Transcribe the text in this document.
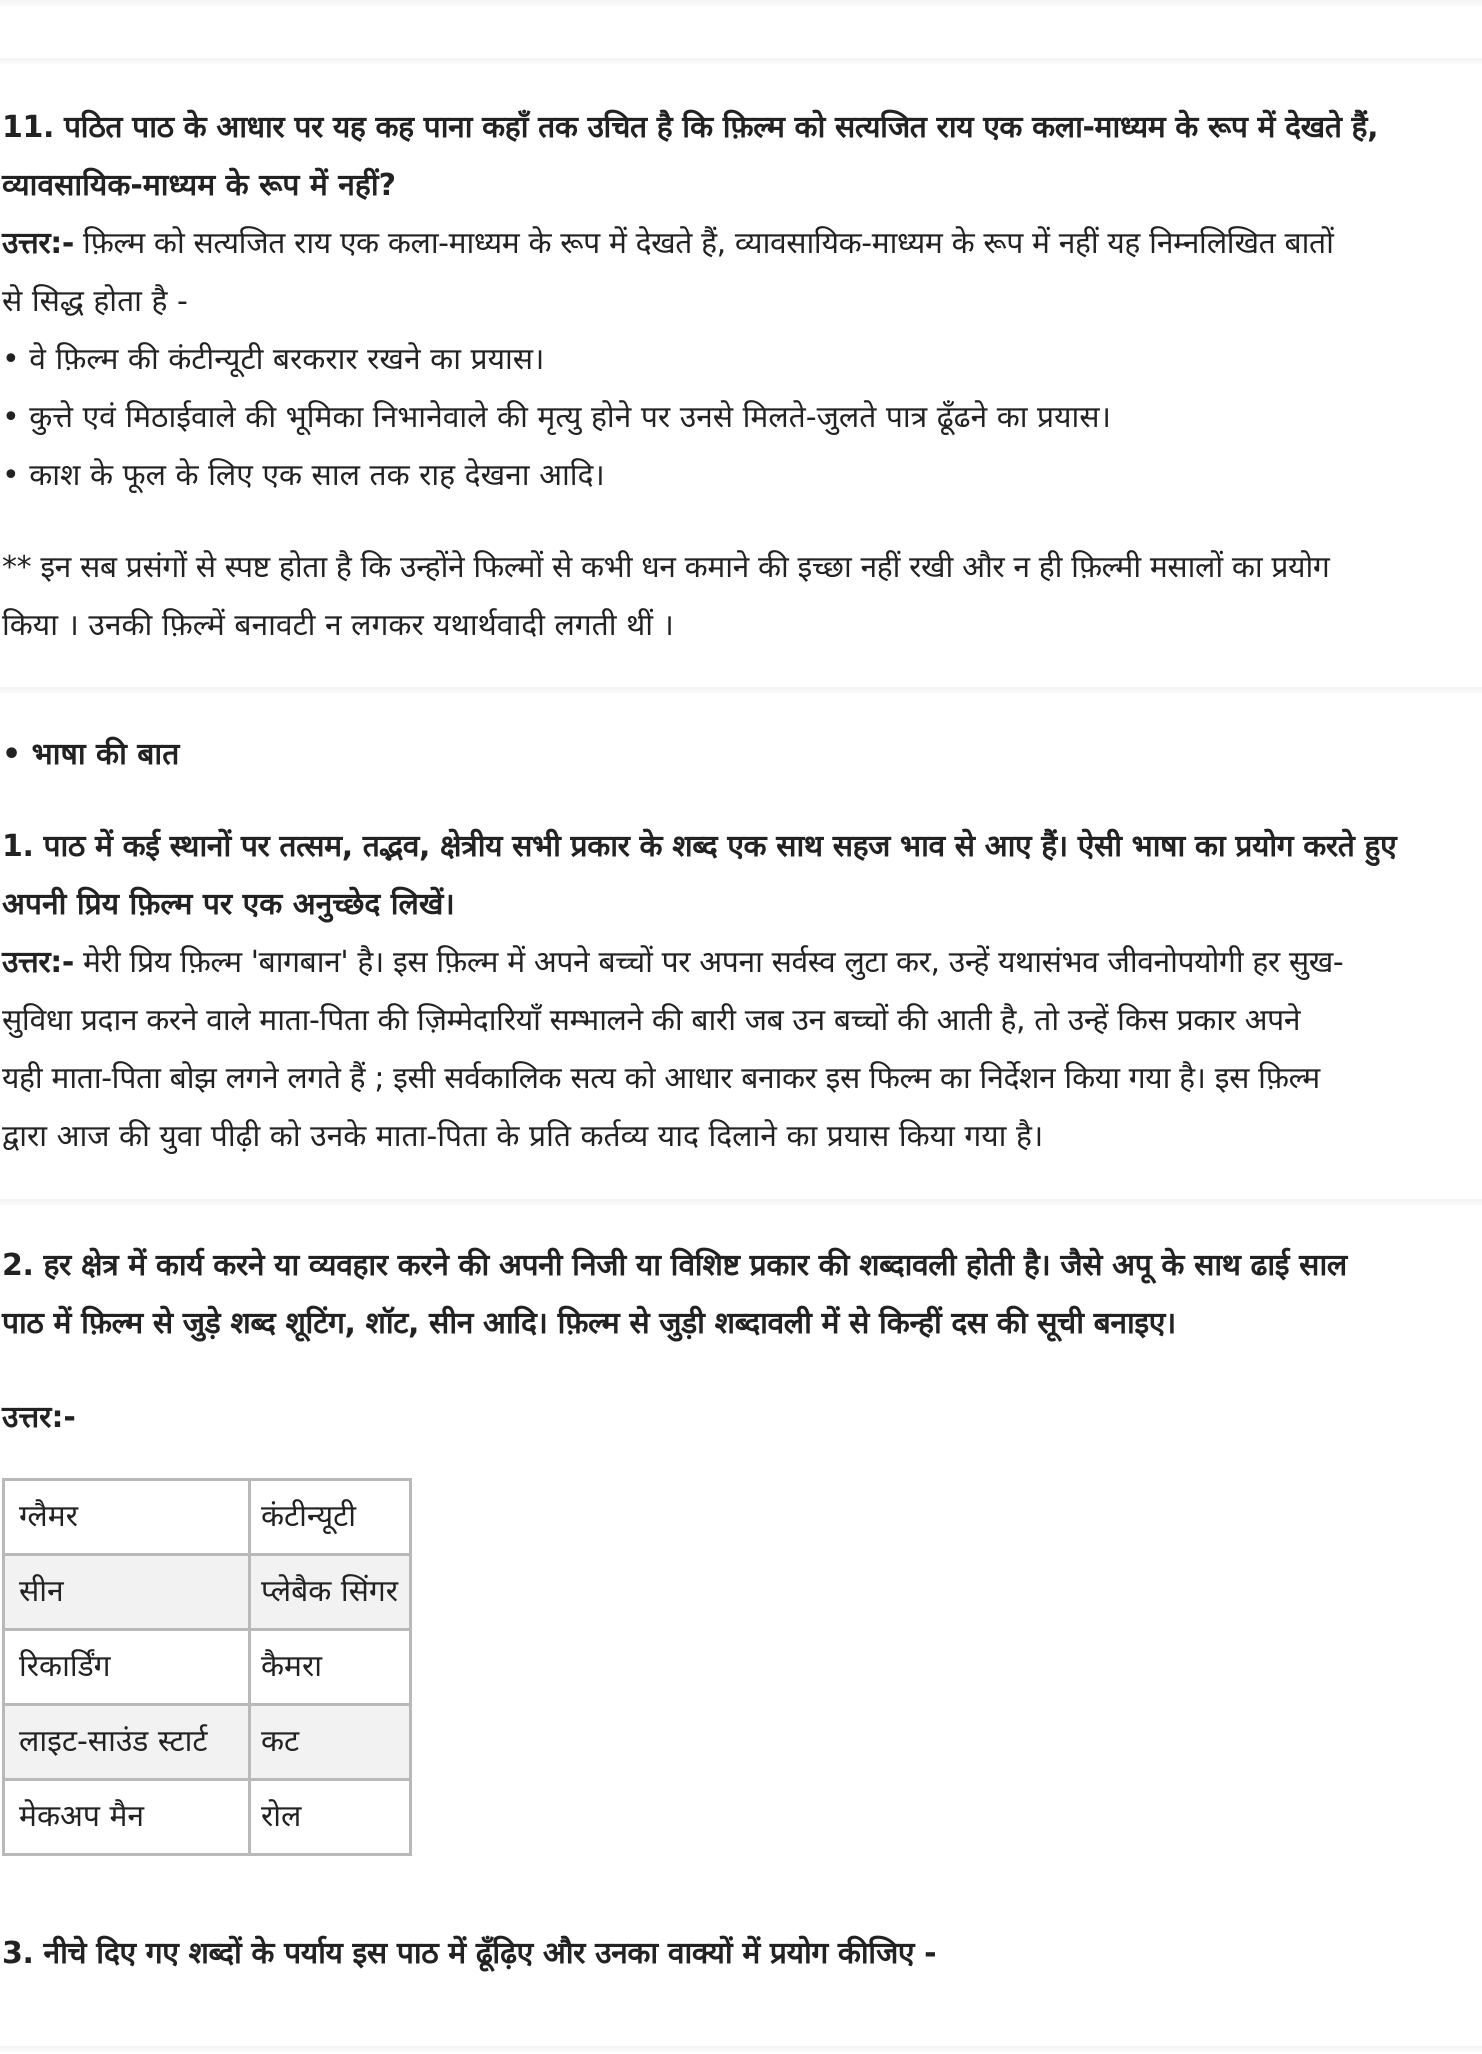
11. पठित पाठ के आधार पर यह कह पाना कहाँ तक उचित है कि फ़िल्म को सत्यजित राय एक कला-माध्यम के रूप में देखते हैं,
व्यावसायिक-माध्यम के रूप में नहीं?
उत्तर:- फ़िल्म को सत्यजित राय एक कला-माध्यम के रूप में देखते हैं, व्यावसायिक-माध्यम के रूप में नहीं यह निम्नलिखित बातों
से सिद्ध होता है -
• वे फ़िल्म की कंटीन्यूटी बरकरार रखने का प्रयास।
• कुत्ते एवं मिठाईवाले की भूमिका निभानेवाले की मृत्यु होने पर उनसे मिलते-जुलते पात्र ढूँढने का प्रयास।
• काश के फूल के लिए एक साल तक राह देखना आदि।
** इन सब प्रसंगों से स्पष्ट होता है कि उन्होंने फिल्मों से कभी धन कमाने की इच्छा नहीं रखी और न ही फ़िल्मी मसालों का प्रयोग
किया । उनकी फ़िल्में बनावटी न लगकर यथार्थवादी लगती थीं ।
• भाषा की बात
1. पाठ में कई स्थानों पर तत्सम, तद्भव, क्षेत्रीय सभी प्रकार के शब्द एक साथ सहज भाव से आए हैं। ऐसी भाषा का प्रयोग करते हुए
अपनी प्रिय फ़िल्म पर एक अनुच्छेद लिखें।
उत्तर:- मेरी प्रिय फ़िल्म 'बागबान' है। इस फ़िल्म में अपने बच्चों पर अपना सर्वस्व लुटा कर, उन्हें यथासंभव जीवनोपयोगी हर सुख-
सुविधा प्रदान करने वाले माता-पिता की ज़िम्मेदारियाँ सम्भालने की बारी जब उन बच्चों की आती है, तो उन्हें किस प्रकार अपने
यही माता-पिता बोझ लगने लगते हैं ; इसी सर्वकालिक सत्य को आधार बनाकर इस फिल्म का निर्देशन किया गया है। इस फ़िल्म
द्वारा आज की युवा पीढ़ी को उनके माता-पिता के प्रति कर्तव्य याद दिलाने का प्रयास किया गया है।
2. हर क्षेत्र में कार्य करने या व्यवहार करने की अपनी निजी या विशिष्ट प्रकार की शब्दावली होती है। जैसे अपू के साथ ढाई साल
पाठ में फ़िल्म से जुड़े शब्द शूटिंग, शॉट, सीन आदि। फ़िल्म से जुड़ी शब्दावली में से किन्हीं दस की सूची बनाइए।
उत्तर:-
ग्लैमर	कंटीन्यूटी
सीन	प्लेबैक सिंगर
रिकार्डिंग	कैमरा
लाइट-साउंड स्टार्ट	कट
मेकअप मैन	रोल
3. नीचे दिए गए शब्दों के पर्याय इस पाठ में ढूँढ़िए और उनका वाक्यों में प्रयोग कीजिए -
